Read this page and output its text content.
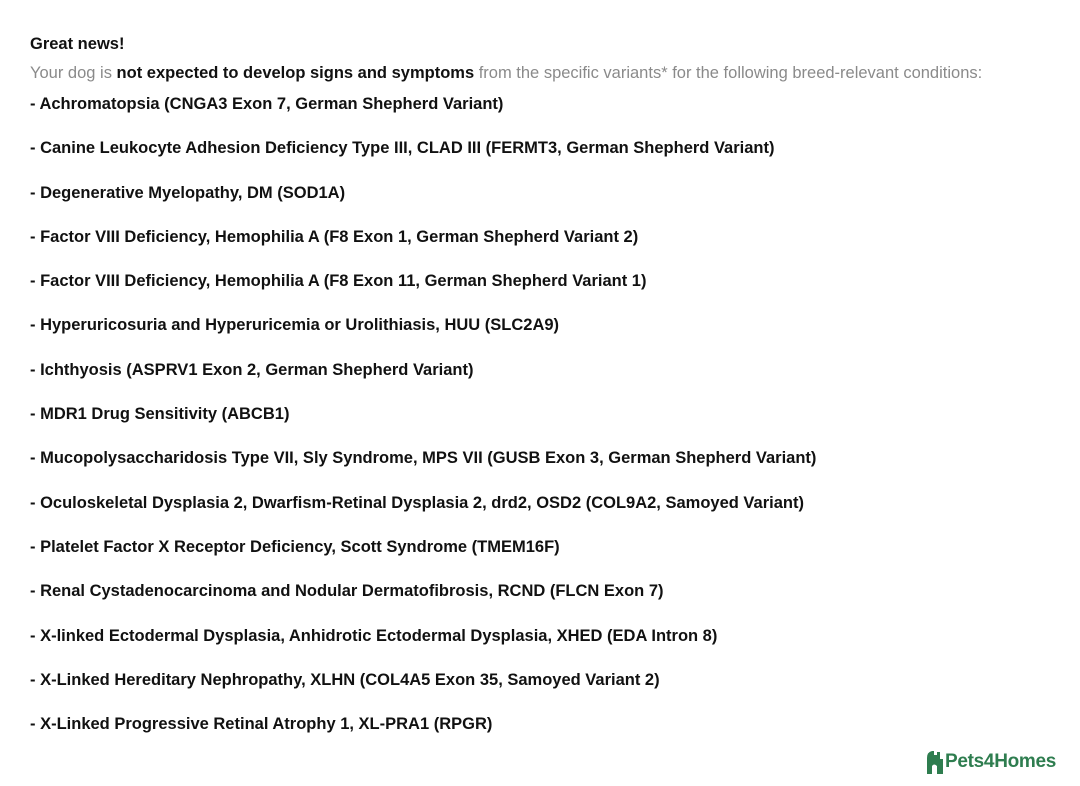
Great news!

Your dog is not expected to develop signs and symptoms from the specific variants* for the following breed-relevant conditions:

- Achromatopsia (CNGA3 Exon 7, German Shepherd Variant)
- Canine Leukocyte Adhesion Deficiency Type III, CLAD III (FERMT3, German Shepherd Variant)
- Degenerative Myelopathy, DM (SOD1A)
- Factor VIII Deficiency, Hemophilia A (F8 Exon 1, German Shepherd Variant 2)
- Factor VIII Deficiency, Hemophilia A (F8 Exon 11, German Shepherd Variant 1)
- Hyperuricosuria and Hyperuricemia or Urolithiasis, HUU (SLC2A9)
- Ichthyosis (ASPRV1 Exon 2, German Shepherd Variant)
- MDR1 Drug Sensitivity (ABCB1)
- Mucopolysaccharidosis Type VII, Sly Syndrome, MPS VII (GUSB Exon 3, German Shepherd Variant)
- Oculoskeletal Dysplasia 2, Dwarfism-Retinal Dysplasia 2, drd2, OSD2 (COL9A2, Samoyed Variant)
- Platelet Factor X Receptor Deficiency, Scott Syndrome (TMEM16F)
- Renal Cystadenocarcinoma and Nodular Dermatofibrosis, RCND (FLCN Exon 7)
- X-linked Ectodermal Dysplasia, Anhidrotic Ectodermal Dysplasia, XHED (EDA Intron 8)
- X-Linked Hereditary Nephropathy, XLHN (COL4A5 Exon 35, Samoyed Variant 2)
- X-Linked Progressive Retinal Atrophy 1, XL-PRA1 (RPGR)
Pets4Homes
